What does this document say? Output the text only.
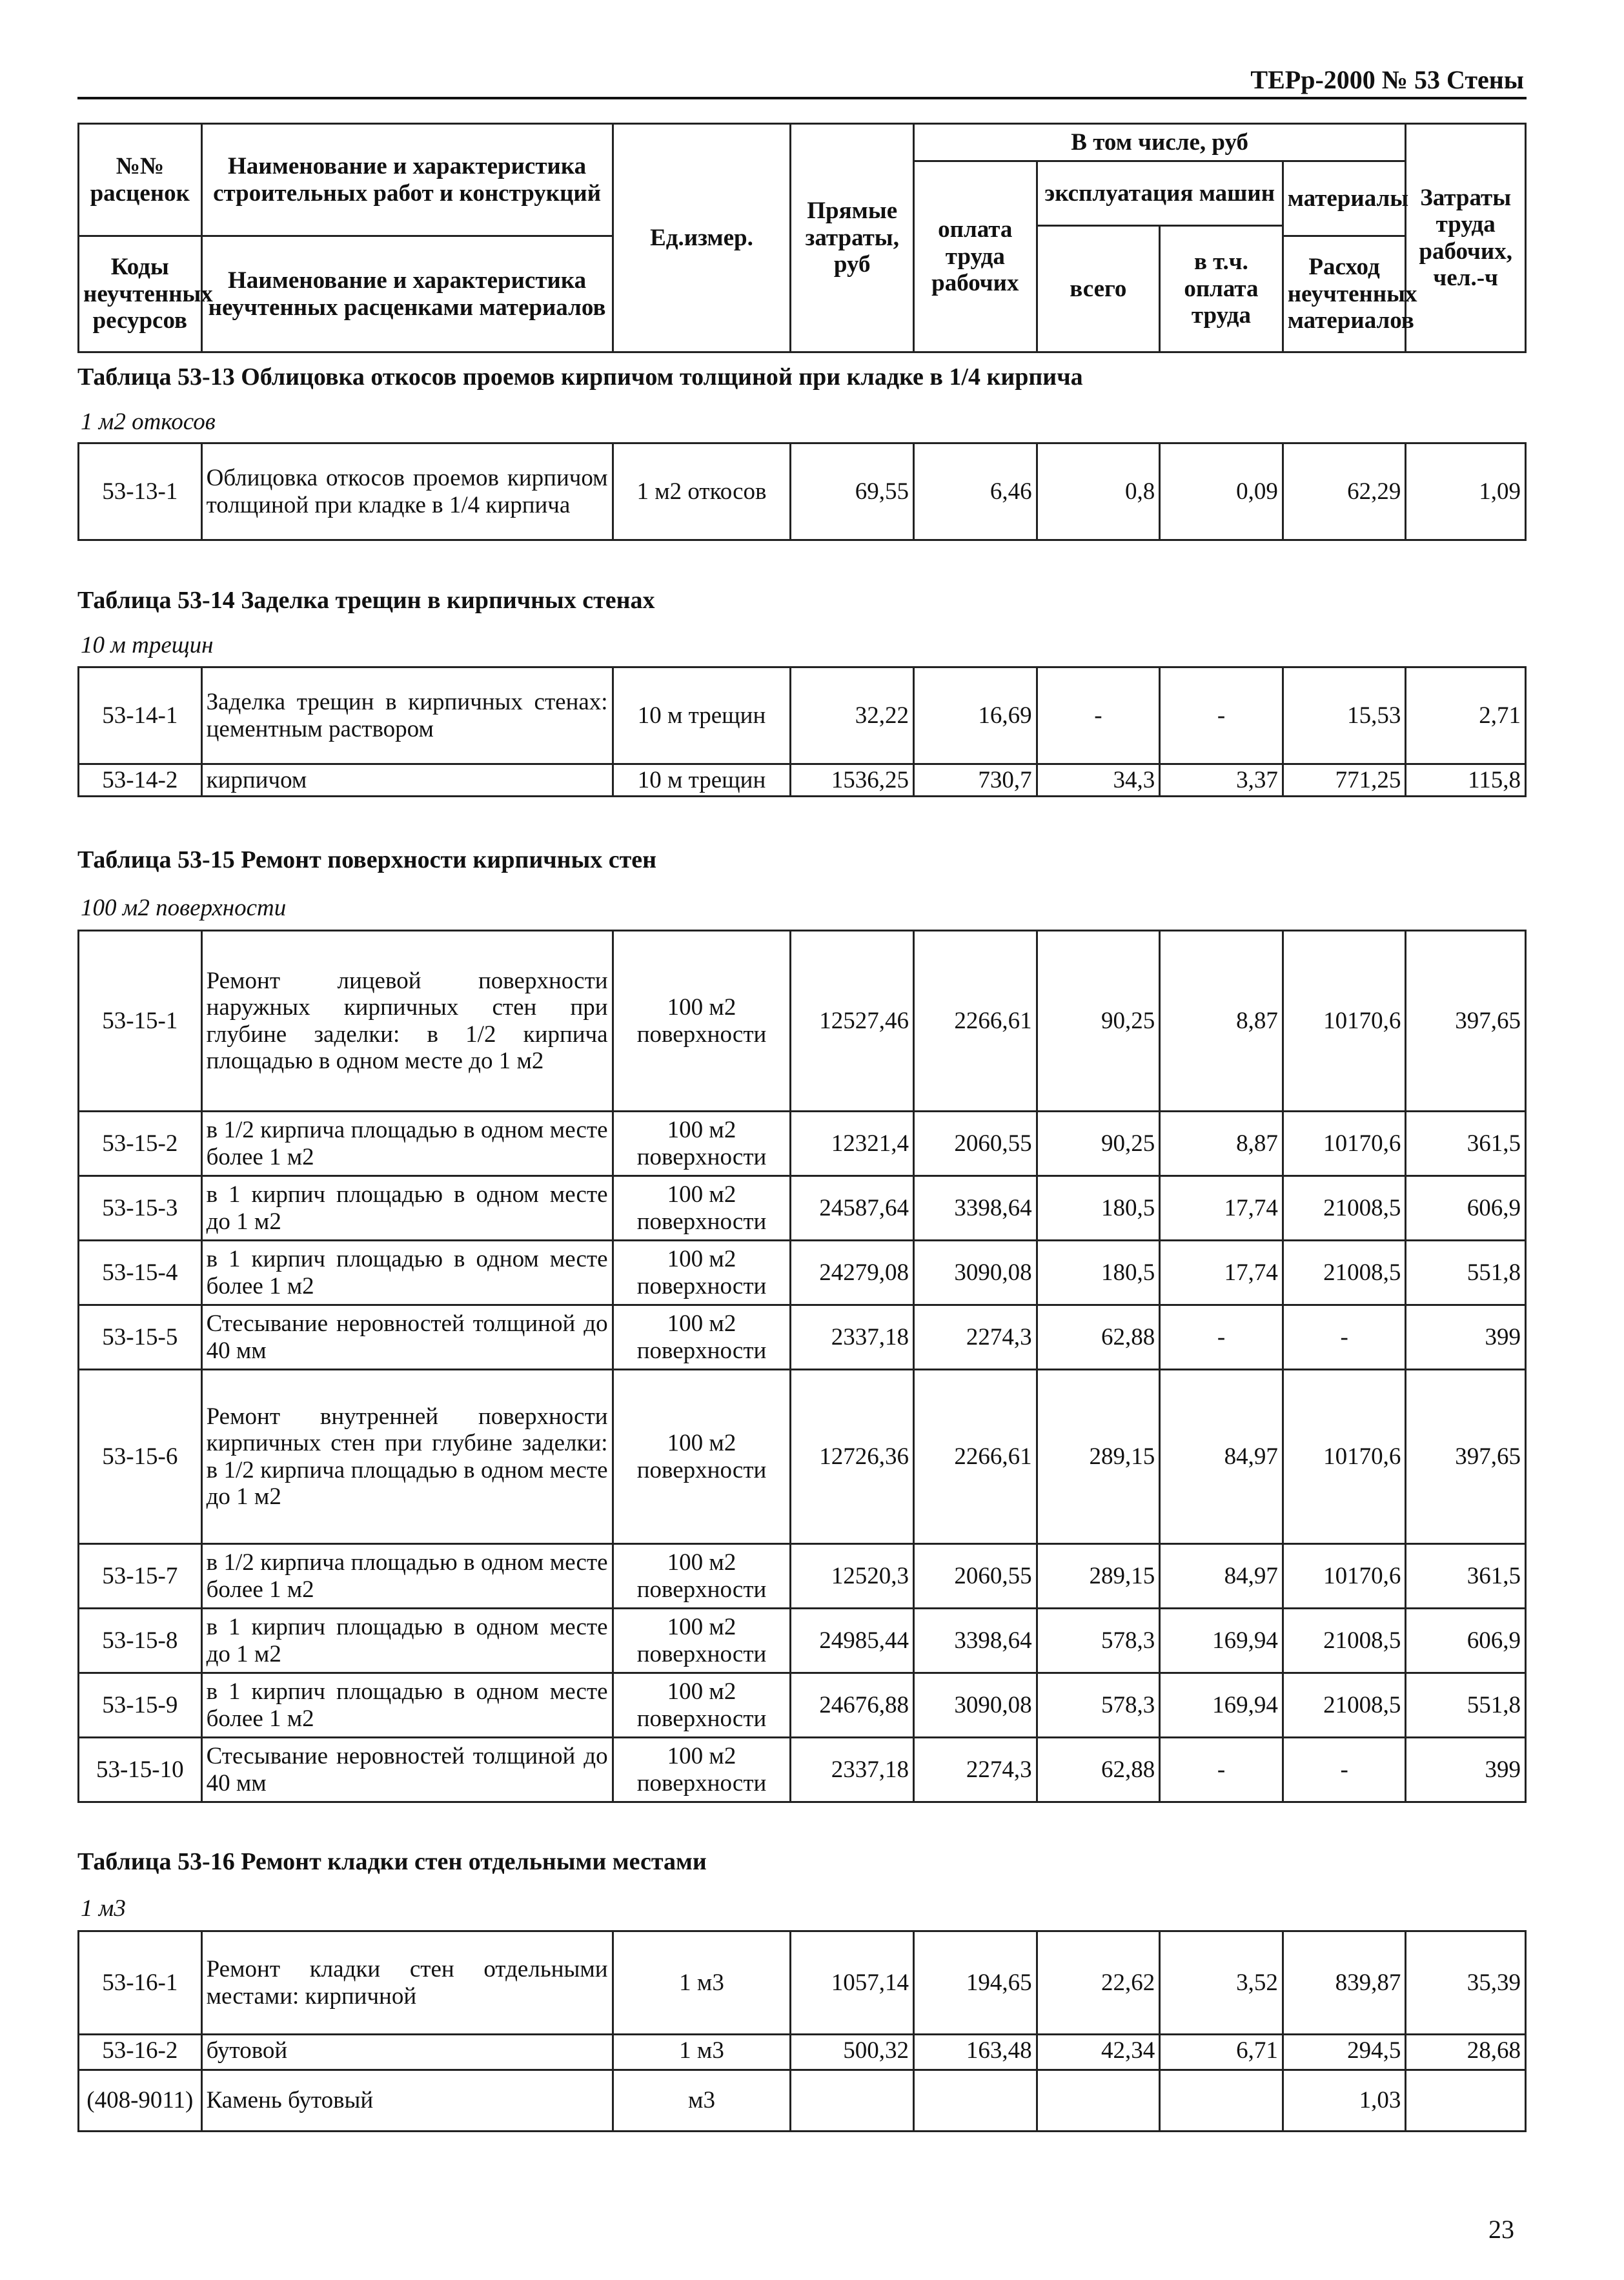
ТЕРр-2000 № 53 Стены
№№ расценок	Наименование и характеристика строительных работ и конструкций	Ед.измер.	Прямые затраты, руб	В том числе, руб				Затраты труда рабочих, чел.-ч
				оплата труда рабочих	эксплуатация машин		материалы	
					всего	в т.ч. оплата труда		
Коды неучтенных ресурсов	Наименование и характеристика неучтенных расценками материалов						Расход неучтенных материалов	

Таблица 53-13 Облицовка откосов проемов кирпичом толщиной при кладке в 1/4 кирпича
1 м2 откосов
53-13-1	Облицовка откосов проемов кирпичом толщиной при кладке в 1/4 кирпича	1 м2 откосов	69,55	6,46	0,8	0,09	62,29	1,09
Таблица 53-14 Заделка трещин в кирпичных стенах
10 м трещин
53-14-1	Заделка трещин в кирпичных стенах: цементным раствором	10 м трещин	32,22	16,69	-	-	15,53	2,71
53-14-2	кирпичом	10 м трещин	1536,25	730,7	34,3	3,37	771,25	115,8
Таблица 53-15 Ремонт поверхности кирпичных стен
100 м2 поверхности
53-15-1	Ремонт лицевой поверхности наружных кирпичных стен при глубине заделки: в 1/2 кирпича площадью в одном месте до 1 м2	100 м2 поверхности	12527,46	2266,61	90,25	8,87	10170,6	397,65
53-15-2	в 1/2 кирпича площадью в одном месте более 1 м2	100 м2 поверхности	12321,4	2060,55	90,25	8,87	10170,6	361,5
53-15-3	в 1 кирпич площадью в одном месте до 1 м2	100 м2 поверхности	24587,64	3398,64	180,5	17,74	21008,5	606,9
53-15-4	в 1 кирпич площадью в одном месте более 1 м2	100 м2 поверхности	24279,08	3090,08	180,5	17,74	21008,5	551,8
53-15-5	Стесывание неровностей толщиной до 40 мм	100 м2 поверхности	2337,18	2274,3	62,88	-	-	399
53-15-6	Ремонт внутренней поверхности кирпичных стен при глубине заделки: в 1/2 кирпича площадью в одном месте до 1 м2	100 м2 поверхности	12726,36	2266,61	289,15	84,97	10170,6	397,65
53-15-7	в 1/2 кирпича площадью в одном месте более 1 м2	100 м2 поверхности	12520,3	2060,55	289,15	84,97	10170,6	361,5
53-15-8	в 1 кирпич площадью в одном месте до 1 м2	100 м2 поверхности	24985,44	3398,64	578,3	169,94	21008,5	606,9
53-15-9	в 1 кирпич площадью в одном месте более 1 м2	100 м2 поверхности	24676,88	3090,08	578,3	169,94	21008,5	551,8
53-15-10	Стесывание неровностей толщиной до 40 мм	100 м2 поверхности	2337,18	2274,3	62,88	-	-	399
Таблица 53-16 Ремонт кладки стен отдельными местами
1 м3
53-16-1	Ремонт кладки стен отдельными местами: кирпичной	1 м3	1057,14	194,65	22,62	3,52	839,87	35,39
53-16-2	бутовой	1 м3	500,32	163,48	42,34	6,71	294,5	28,68
(408-9011)	Камень бутовый	м3					1,03	
23
